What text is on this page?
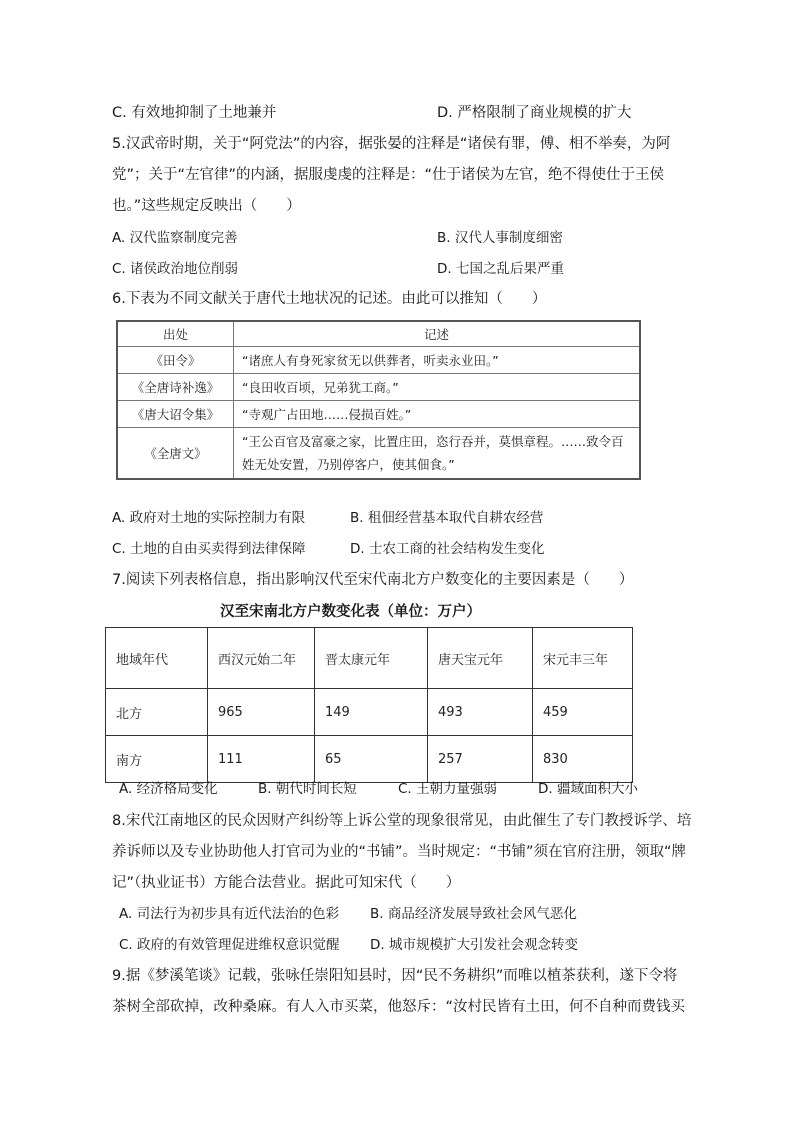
C. 有效地抑制了土地兼并	D. 严格限制了商业规模的扩大
5.汉武帝时期，关于“阿党法”的内容，据张晏的注释是“诸侯有罪，傅、相不举奏，为阿
党”；关于“左官律”的内涵，据服虔虔的注释是：“仕于诸侯为左官，绝不得使仕于王侯
也。”这些规定反映出（　　）
A. 汉代监察制度完善	B. 汉代人事制度细密
C. 诸侯政治地位削弱	D. 七国之乱后果严重
6.下表为不同文献关于唐代土地状况的记述。由此可以推知（　　）
出处	记述
《田令》	“诸庶人有身死家贫无以供葬者，听卖永业田。”
《全唐诗补逸》	“良田收百顷，兄弟犹工商。”
《唐大诏令集》	“寺观广占田地……侵损百姓。”
《全唐文》	“王公百官及富豪之家，比置庄田，恣行吞并，莫惧章程。……致令百
姓无处安置，乃别停客户，使其佃食。”
A. 政府对土地的实际控制力有限	B. 租佃经营基本取代自耕农经营
C. 土地的自由买卖得到法律保障	D. 士农工商的社会结构发生变化
7.阅读下列表格信息，指出影响汉代至宋代南北方户数变化的主要因素是（　　）
汉至宋南北方户数变化表（单位：万户）
地域年代	西汉元始二年	晋太康元年	唐天宝元年	宋元丰三年
北方	965	149	493	459
南方	111	65	257	830
A. 经济格局变化	B. 朝代时间长短	C. 王朝力量强弱	D. 疆域面积大小
8.宋代江南地区的民众因财产纠纷等上诉公堂的现象很常见，由此催生了专门教授诉学、培
养诉师以及专业协助他人打官司为业的“书铺”。当时规定：“书铺”须在官府注册，领取“牌
记”（执业证书）方能合法营业。据此可知宋代（　　）
A. 司法行为初步具有近代法治的色彩 B. 商品经济发展导致社会风气恶化
C. 政府的有效管理促进维权意识觉醒 D. 城市规模扩大引发社会观念转变
9.据《梦溪笔谈》记载，张咏任崇阳知县时，因“民不务耕织”而唯以植茶获利，遂下令将
茶树全部砍掉，改种桑麻。有人入市买菜，他怒斥：“汝村民皆有土田，何不自种而费钱买
